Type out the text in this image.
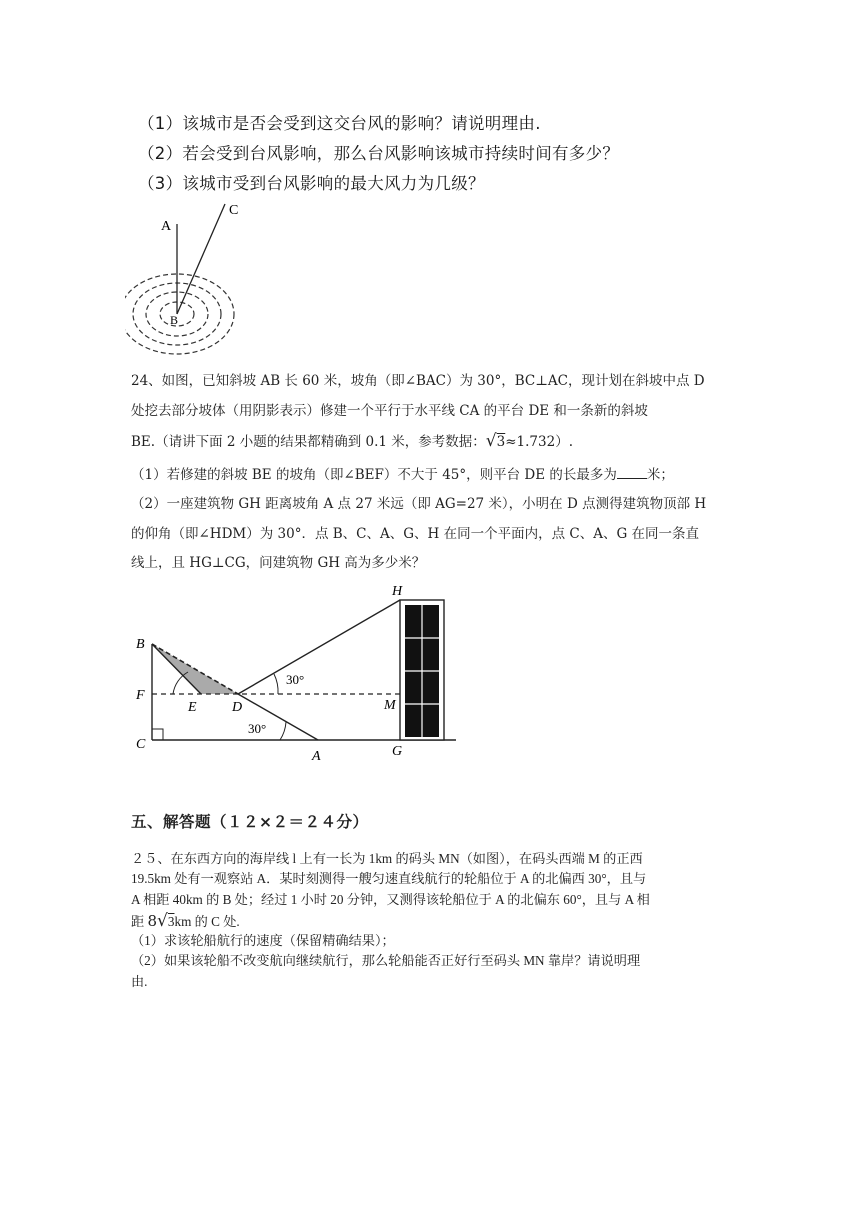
（1）该城市是否会受到这交台风的影响？请说明理由.
（2）若会受到台风影响，那么台风影响该城市持续时间有多少？
（3）该城市受到台风影响的最大风力为几级？
A
C
B
24、如图，已知斜坡 AB 长 60 米，坡角（即∠BAC）为 30°，BC⊥AC，现计划在斜坡中点 D
处挖去部分坡体（用阴影表示）修建一个平行于水平线 CA 的平台 DE 和一条新的斜坡
BE.（请讲下面 2 小题的结果都精确到 0.1 米，参考数据：√3≈1.732）.
（1）若修建的斜坡 BE 的坡角（即∠BEF）不大于 45°，则平台 DE 的长最多为 米；
（2）一座建筑物 GH 距离坡角 A 点 27 米远（即 AG=27 米），小明在 D 点测得建筑物顶部 H
的仰角（即∠HDM）为 30°．点 B、C、A、G、H 在同一个平面内，点 C、A、G 在同一条直
线上，且 HG⊥CG，问建筑物 GH 高为多少米？
B
F
C
E	D
A	G
M
H
30°
30°
五、解答题（１２×２＝２４分）
２５、在东西方向的海岸线 l 上有一长为 1km 的码头 MN（如图），在码头西端 M 的正西
19.5km 处有一观察站 A．某时刻测得一艘匀速直线航行的轮船位于 A 的北偏西 30°，且与
A 相距 40km 的 B 处；经过 1 小时 20 分钟，又测得该轮船位于 A 的北偏东 60°，且与 A 相
距 8√3km 的 C 处.
（1）求该轮船航行的速度（保留精确结果）；
（2）如果该轮船不改变航向继续航行，那么轮船能否正好行至码头 MN 靠岸？请说明理
由.
